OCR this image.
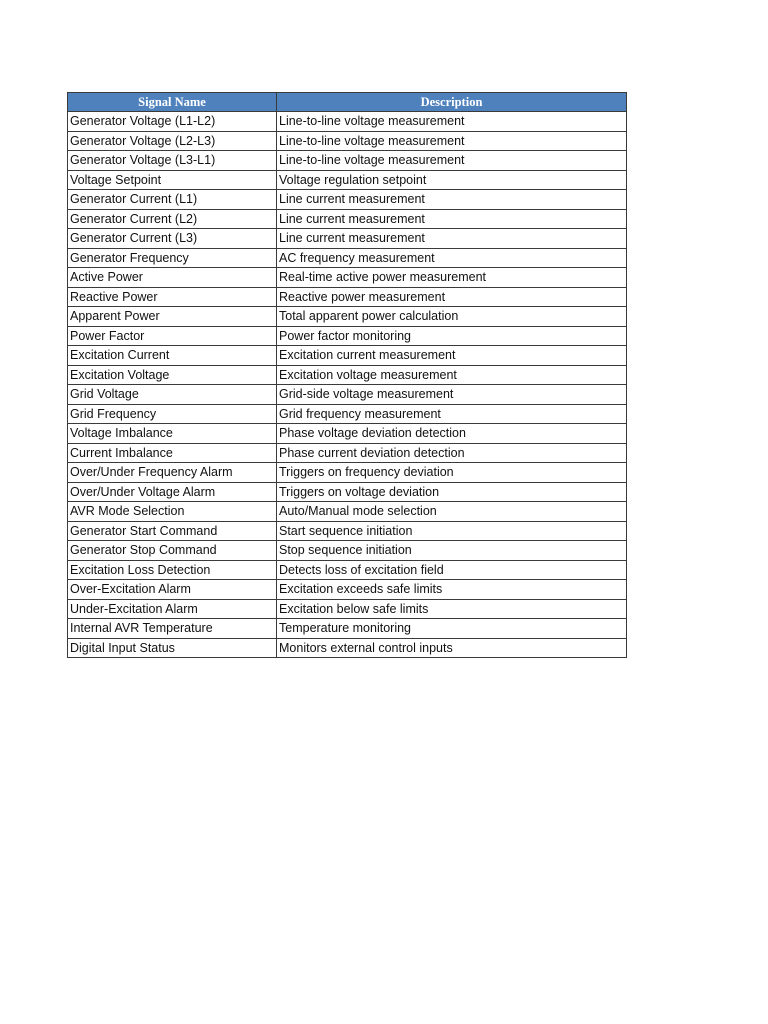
Signal Name	Description
Generator Voltage (L1-L2)	Line-to-line voltage measurement
Generator Voltage (L2-L3)	Line-to-line voltage measurement
Generator Voltage (L3-L1)	Line-to-line voltage measurement
Voltage Setpoint	Voltage regulation setpoint
Generator Current (L1)	Line current measurement
Generator Current (L2)	Line current measurement
Generator Current (L3)	Line current measurement
Generator Frequency	AC frequency measurement
Active Power	Real-time active power measurement
Reactive Power	Reactive power measurement
Apparent Power	Total apparent power calculation
Power Factor	Power factor monitoring
Excitation Current	Excitation current measurement
Excitation Voltage	Excitation voltage measurement
Grid Voltage	Grid-side voltage measurement
Grid Frequency	Grid frequency measurement
Voltage Imbalance	Phase voltage deviation detection
Current Imbalance	Phase current deviation detection
Over/Under Frequency Alarm	Triggers on frequency deviation
Over/Under Voltage Alarm	Triggers on voltage deviation
AVR Mode Selection	Auto/Manual mode selection
Generator Start Command	Start sequence initiation
Generator Stop Command	Stop sequence initiation
Excitation Loss Detection	Detects loss of excitation field
Over-Excitation Alarm	Excitation exceeds safe limits
Under-Excitation Alarm	Excitation below safe limits
Internal AVR Temperature	Temperature monitoring
Digital Input Status	Monitors external control inputs
